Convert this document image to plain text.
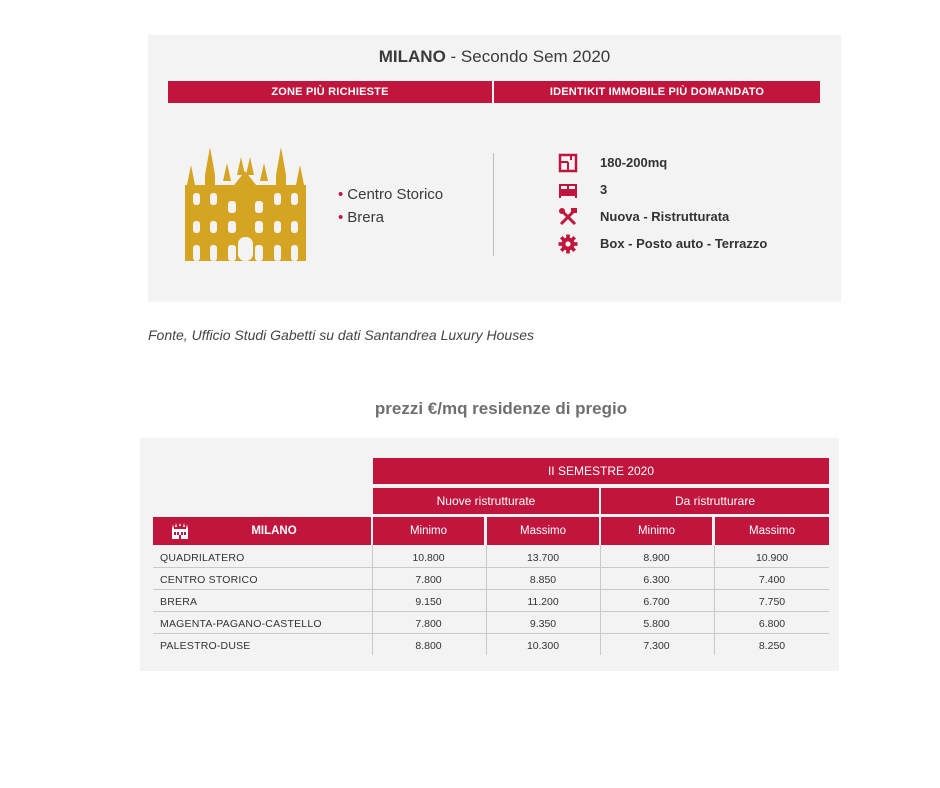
MILANO - Secondo Sem 2020
ZONE PIÙ RICHIESTE	IDENTIKIT IMMOBILE PIÙ DOMANDATO
• Centro Storico
• Brera
180-200mq
3
Nuova - Ristrutturata
Box - Posto auto - Terrazzo
Fonte, Ufficio Studi Gabetti su dati Santandrea Luxury Houses
prezzi €/mq residenze di pregio
II SEMESTRE 2020
Nuove ristrutturate	Da ristrutturare
MILANO	Minimo	Massimo	Minimo	Massimo
QUADRILATERO	10.800	13.700	8.900	10.900
CENTRO STORICO	7.800	8.850	6.300	7.400
BRERA	9.150	11.200	6.700	7.750
MAGENTA-PAGANO-CASTELLO	7.800	9.350	5.800	6.800
PALESTRO-DUSE	8.800	10.300	7.300	8.250
